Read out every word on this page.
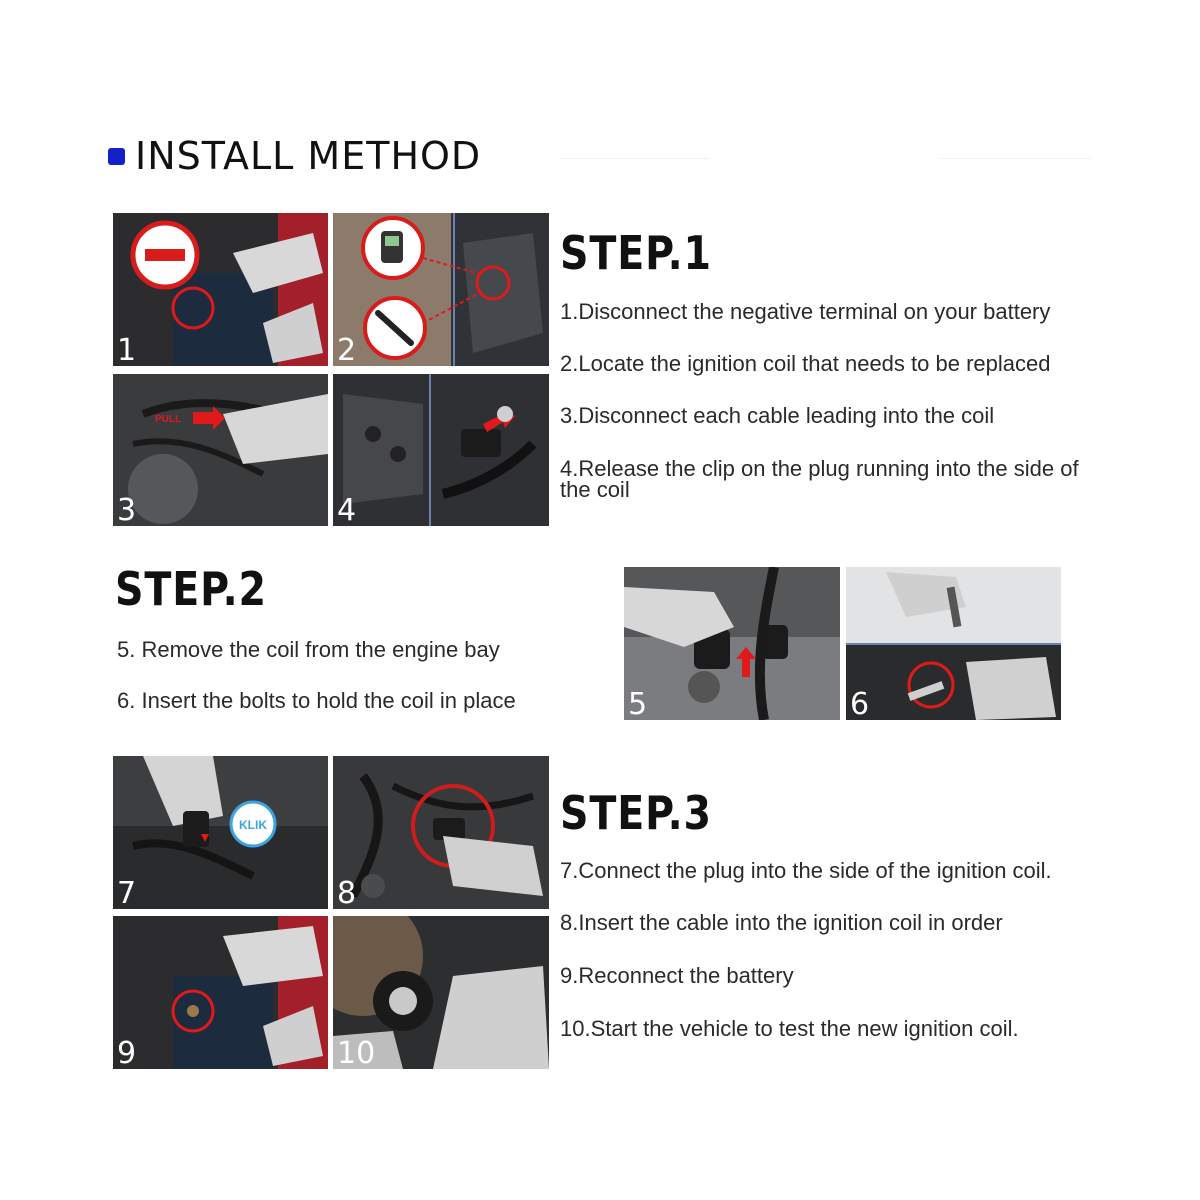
INSTALL METHOD
1	2
PULL
3	4
STEP.1
1.Disconnect the negative terminal on your battery
2.Locate the ignition coil that needs to be replaced
3.Disconnect each cable leading into the coil
4.Release the clip on the plug running into the side of the coil
STEP.2
5. Remove the coil from the engine bay
6. Insert the bolts to hold the coil in place	5	6
KLIK
7	8
9	10
STEP.3
7.Connect the plug into the side of the ignition coil.
8.Insert the cable into the ignition coil in order
9.Reconnect the battery
10.Start the vehicle to test the new ignition coil.
